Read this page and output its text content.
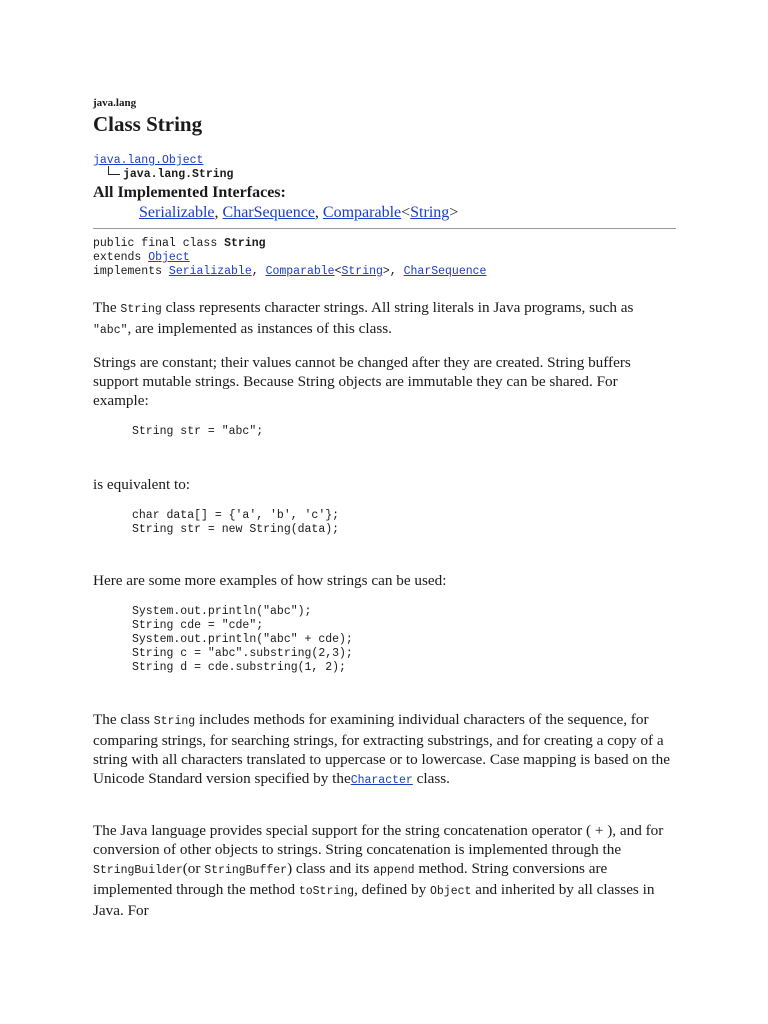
java.lang
Class String
java.lang.Object
java.lang.String
All Implemented Interfaces:
Serializable, CharSequence, Comparable<String>
public final class String
extends Object
implements Serializable, Comparable<String>, CharSequence
The String class represents character strings. All string literals in Java programs, such as "abc", are implemented as instances of this class.
Strings are constant; their values cannot be changed after they are created. String buffers support mutable strings. Because String objects are immutable they can be shared. For example:
String str = "abc";
is equivalent to:
char data[] = {'a', 'b', 'c'};
String str = new String(data);
Here are some more examples of how strings can be used:
System.out.println("abc");
String cde = "cde";
System.out.println("abc" + cde);
String c = "abc".substring(2,3);
String d = cde.substring(1, 2);
The class String includes methods for examining individual characters of the sequence, for comparing strings, for searching strings, for extracting substrings, and for creating a copy of a string with all characters translated to uppercase or to lowercase. Case mapping is based on the Unicode Standard version specified by theCharacter class.
The Java language provides special support for the string concatenation operator ( + ), and for conversion of other objects to strings. String concatenation is implemented through the StringBuilder(or StringBuffer) class and its append method. String conversions are implemented through the method toString, defined by Object and inherited by all classes in Java. For
